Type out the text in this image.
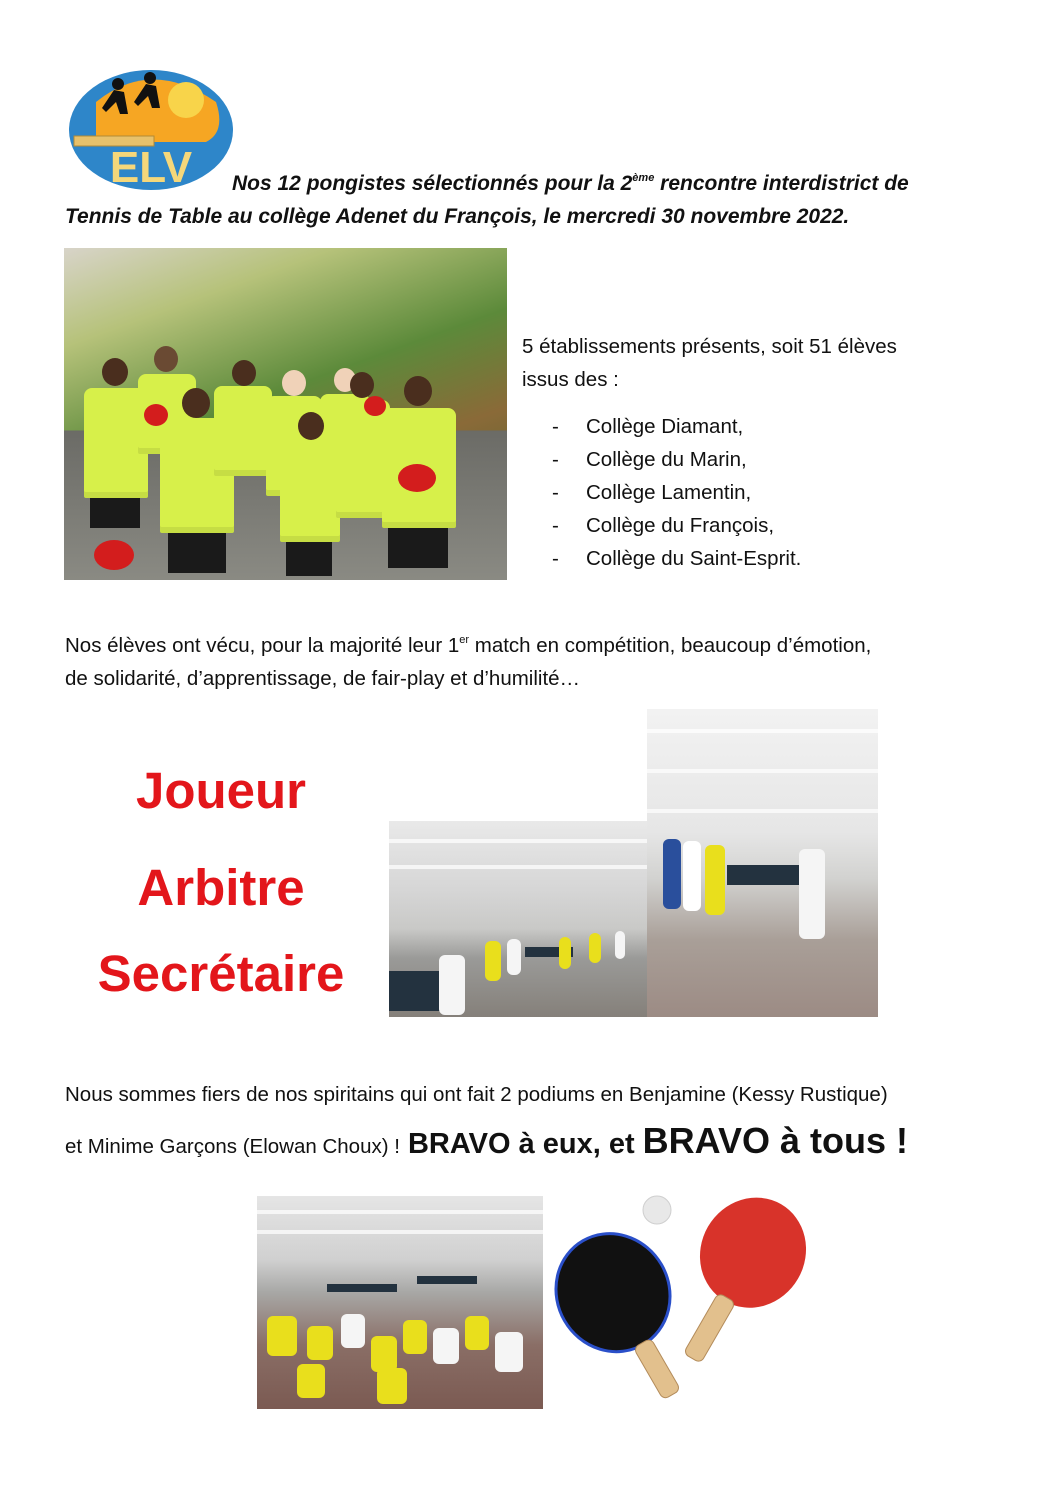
ELV Nos 12 pongistes sélectionnés pour la 2ème rencontre interdistrict de
Tennis de Table au collège Adenet du François, le mercredi 30 novembre 2022.
5 établissements présents, soit 51 élèves
issus des :
-	Collège Diamant,
-	Collège du Marin,
-	Collège Lamentin,
-	Collège du François,
-	Collège du Saint-Esprit.
Nos élèves ont vécu, pour la majorité leur 1er match en compétition, beaucoup d’émotion,
de solidarité, d’apprentissage, de fair-play et d’humilité…
Joueur
Arbitre
Secrétaire
Nous sommes fiers de nos spiritains qui ont fait 2 podiums en Benjamine (Kessy Rustique)
et Minime Garçons (Elowan Choux) ! BRAVO à eux, et BRAVO à tous !
